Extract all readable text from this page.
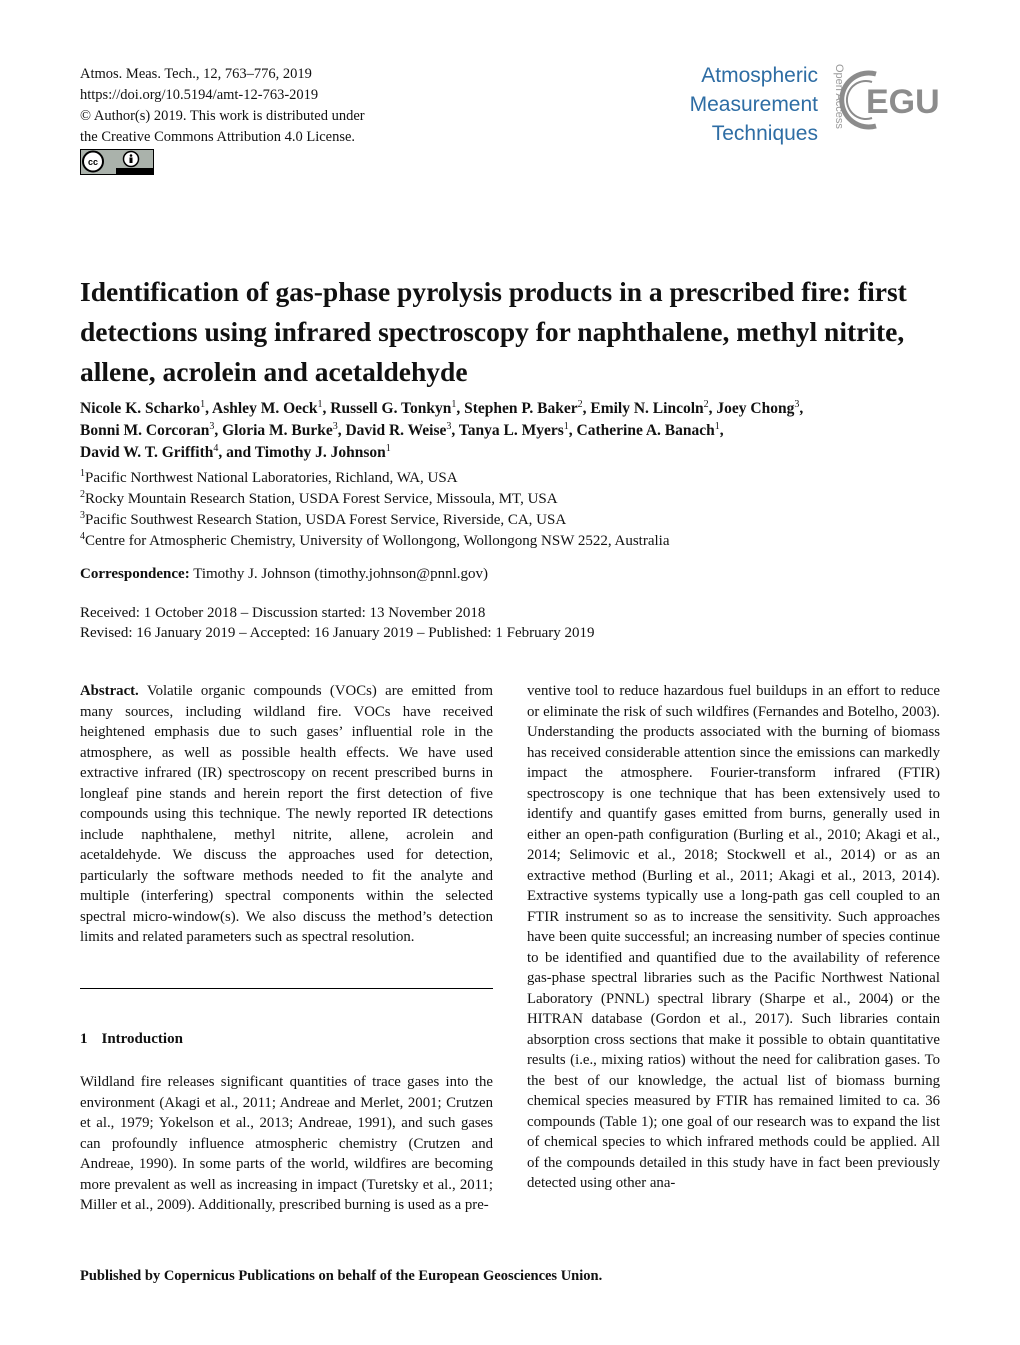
Atmos. Meas. Tech., 12, 763–776, 2019
https://doi.org/10.5194/amt-12-763-2019
© Author(s) 2019. This work is distributed under
the Creative Commons Attribution 4.0 License.
cc
Atmospheric
Measurement
Techniques
Open Access EGU
Identification of gas-phase pyrolysis products in a prescribed fire: first detections using infrared spectroscopy for naphthalene, methyl nitrite, allene, acrolein and acetaldehyde
Nicole K. Scharko$^1$, Ashley M. Oeck$^1$, Russell G. Tonkyn$^1$, Stephen P. Baker$^2$, Emily N. Lincoln$^2$, Joey Chong$^3$,
Bonni M. Corcoran$^3$, Gloria M. Burke$^3$, David R. Weise$^3$, Tanya L. Myers$^1$, Catherine A. Banach$^1$,
David W. T. Griffith$^4$, and Timothy J. Johnson$^1$
$^1$Pacific Northwest National Laboratories, Richland, WA, USA
$^2$Rocky Mountain Research Station, USDA Forest Service, Missoula, MT, USA
$^3$Pacific Southwest Research Station, USDA Forest Service, Riverside, CA, USA
$^4$Centre for Atmospheric Chemistry, University of Wollongong, Wollongong NSW 2522, Australia
Correspondence: Timothy J. Johnson (timothy.johnson@pnnl.gov)
Received: 1 October 2018 – Discussion started: 13 November 2018
Revised: 16 January 2019 – Accepted: 16 January 2019 – Published: 1 February 2019
Abstract. Volatile organic compounds (VOCs) are emitted from many sources, including wildland fire. VOCs have received heightened emphasis due to such gases’ influential role in the atmosphere, as well as possible health effects. We have used extractive infrared (IR) spectroscopy on recent prescribed burns in longleaf pine stands and herein report the first detection of five compounds using this technique. The newly reported IR detections include naphthalene, methyl nitrite, allene, acrolein and acetaldehyde. We discuss the approaches used for detection, particularly the software methods needed to fit the analyte and multiple (interfering) spectral components within the selected spectral micro-window(s). We also discuss the method’s detection limits and related parameters such as spectral resolution.
1 Introduction
Wildland fire releases significant quantities of trace gases into the environment (Akagi et al., 2011; Andreae and Merlet, 2001; Crutzen et al., 1979; Yokelson et al., 2013; Andreae, 1991), and such gases can profoundly influence atmospheric chemistry (Crutzen and Andreae, 1990). In some parts of the world, wildfires are becoming more prevalent as well as increasing in impact (Turetsky et al., 2011; Miller et al., 2009). Additionally, prescribed burning is used as a pre-
ventive tool to reduce hazardous fuel buildups in an effort to reduce or eliminate the risk of such wildfires (Fernandes and Botelho, 2003). Understanding the products associated with the burning of biomass has received considerable attention since the emissions can markedly impact the atmosphere. Fourier-transform infrared (FTIR) spectroscopy is one technique that has been extensively used to identify and quantify gases emitted from burns, generally used in either an open-path configuration (Burling et al., 2010; Akagi et al., 2014; Selimovic et al., 2018; Stockwell et al., 2014) or as an extractive method (Burling et al., 2011; Akagi et al., 2013, 2014). Extractive systems typically use a long-path gas cell coupled to an FTIR instrument so as to increase the sensitivity. Such approaches have been quite successful; an increasing number of species continue to be identified and quantified due to the availability of reference gas-phase spectral libraries such as the Pacific Northwest National Laboratory (PNNL) spectral library (Sharpe et al., 2004) or the HITRAN database (Gordon et al., 2017). Such libraries contain absorption cross sections that make it possible to obtain quantitative results (i.e., mixing ratios) without the need for calibration gases. To the best of our knowledge, the actual list of biomass burning chemical species measured by FTIR has remained limited to ca. 36 compounds (Table 1); one goal of our research was to expand the list of chemical species to which infrared methods could be applied. All of the compounds detailed in this study have in fact been previously detected using other ana-
Published by Copernicus Publications on behalf of the European Geosciences Union.
